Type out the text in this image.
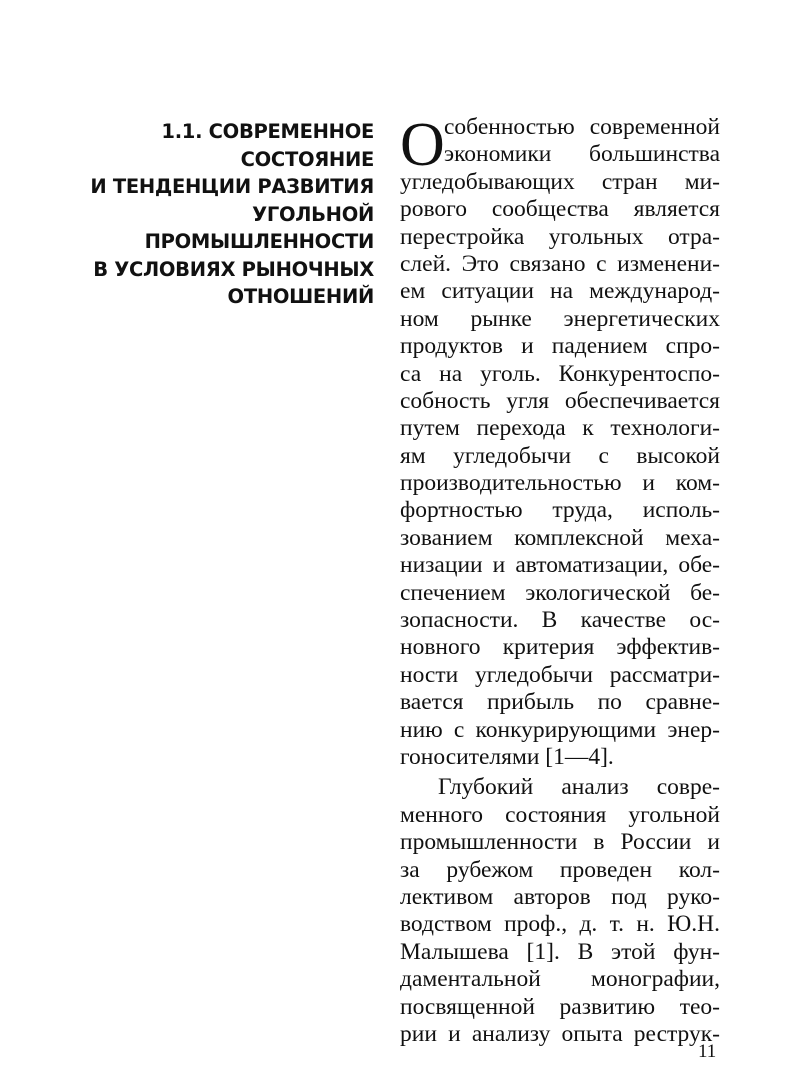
1.1. СОВРЕМЕННОЕ
СОСТОЯНИЕ
И ТЕНДЕНЦИИ РАЗВИТИЯ
УГОЛЬНОЙ
ПРОМЫШЛЕННОСТИ
В УСЛОВИЯХ РЫНОЧНЫХ
ОТНОШЕНИЙ
О собенностью современной
экономики большинства
угледобывающих стран ми-
рового сообщества является
перестройка угольных отра-
слей. Это связано с изменени-
ем ситуации на международ-
ном рынке энергетических
продуктов и падением спро-
са на уголь. Конкурентоспо-
собность угля обеспечивается
путем перехода к технологи-
ям угледобычи с высокой
производительностью и ком-
фортностью труда, исполь-
зованием комплексной меха-
низации и автоматизации, обе-
спечением экологической бе-
зопасности. В качестве ос-
новного критерия эффектив-
ности угледобычи рассматри-
вается прибыль по сравне-
нию с конкурирующими энер-
гоносителями [1—4].
Глубокий анализ совре-
менного состояния угольной
промышленности в России и
за рубежом проведен кол-
лективом авторов под руко-
водством проф., д. т. н. Ю.Н.
Малышева [1]. В этой фун-
даментальной монографии,
посвященной развитию тео-
рии и анализу опыта реструк-
11
